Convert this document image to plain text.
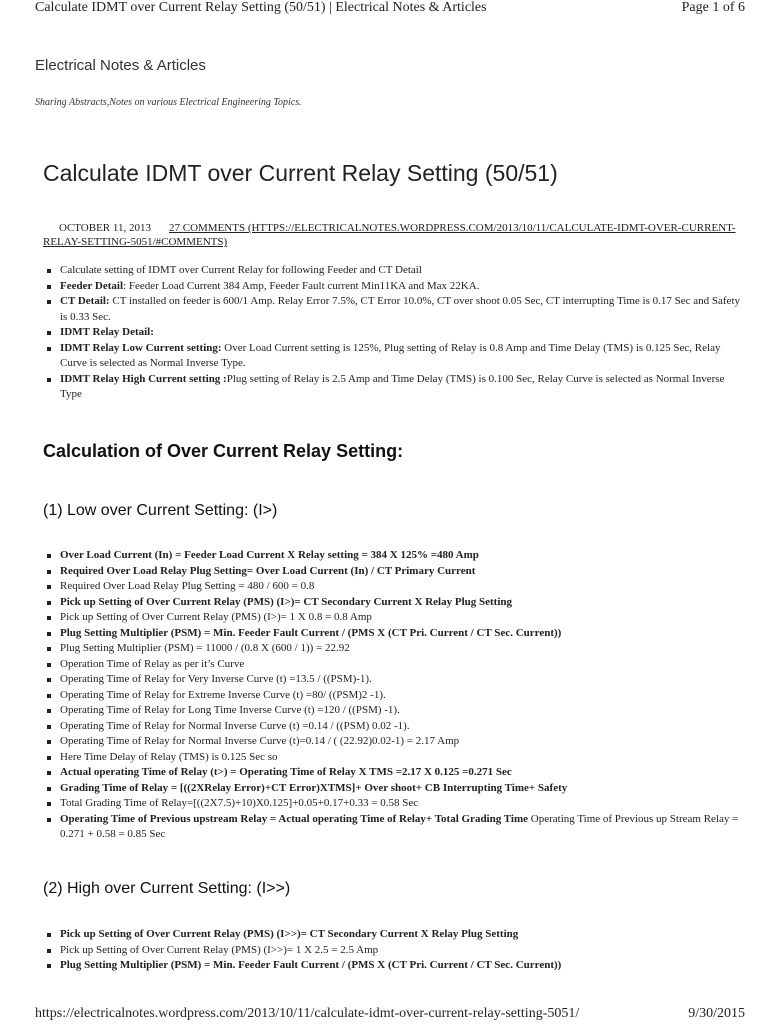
Calculate IDMT over Current Relay Setting (50/51) | Electrical Notes & Articles	Page 1 of 6
Electrical Notes & Articles
Sharing Abstracts,Notes on various Electrical Engineering Topics.
Calculate IDMT over Current Relay Setting (50/51)
OCTOBER 11, 2013 27 COMMENTS (HTTPS://ELECTRICALNOTES.WORDPRESS.COM/2013/10/11/CALCULATE-IDMT-OVER-CURRENT-RELAY-SETTING-5051/#COMMENTS)
Calculate setting of IDMT over Current Relay for following Feeder and CT Detail
Feeder Detail: Feeder Load Current 384 Amp, Feeder Fault current Min11KA and Max 22KA.
CT Detail: CT installed on feeder is 600/1 Amp. Relay Error 7.5%, CT Error 10.0%, CT over shoot 0.05 Sec, CT interrupting Time is 0.17 Sec and Safety is 0.33 Sec.
IDMT Relay Detail:
IDMT Relay Low Current setting: Over Load Current setting is 125%, Plug setting of Relay is 0.8 Amp and Time Delay (TMS) is 0.125 Sec, Relay Curve is selected as Normal Inverse Type.
IDMT Relay High Current setting :Plug setting of Relay is 2.5 Amp and Time Delay (TMS) is 0.100 Sec, Relay Curve is selected as Normal Inverse Type
Calculation of Over Current Relay Setting:
(1) Low over Current Setting: (I>)
Over Load Current (In) = Feeder Load Current X Relay setting = 384 X 125% =480 Amp
Required Over Load Relay Plug Setting= Over Load Current (In) / CT Primary Current
Required Over Load Relay Plug Setting = 480 / 600 = 0.8
Pick up Setting of Over Current Relay (PMS) (I>)= CT Secondary Current X Relay Plug Setting
Pick up Setting of Over Current Relay (PMS) (I>)= 1 X 0.8 = 0.8 Amp
Plug Setting Multiplier (PSM) = Min. Feeder Fault Current / (PMS X (CT Pri. Current / CT Sec. Current))
Plug Setting Multiplier (PSM) = 11000 / (0.8 X (600 / 1)) = 22.92
Operation Time of Relay as per it’s Curve
Operating Time of Relay for Very Inverse Curve (t) =13.5 / ((PSM)-1).
Operating Time of Relay for Extreme Inverse Curve (t) =80/ ((PSM)2 -1).
Operating Time of Relay for Long Time Inverse Curve (t) =120 / ((PSM) -1).
Operating Time of Relay for Normal Inverse Curve (t) =0.14 / ((PSM) 0.02 -1).
Operating Time of Relay for Normal Inverse Curve (t)=0.14 / ( (22.92)0.02-1) = 2.17 Amp
Here Time Delay of Relay (TMS) is 0.125 Sec so
Actual operating Time of Relay (t>) = Operating Time of Relay X TMS =2.17 X 0.125 =0.271 Sec
Grading Time of Relay = [((2XRelay Error)+CT Error)XTMS]+ Over shoot+ CB Interrupting Time+ Safety
Total Grading Time of Relay=[((2X7.5)+10)X0.125]+0.05+0.17+0.33 = 0.58 Sec
Operating Time of Previous upstream Relay = Actual operating Time of Relay+ Total Grading Time Operating Time of Previous up Stream Relay = 0.271 + 0.58 = 0.85 Sec
(2) High over Current Setting: (I>>)
Pick up Setting of Over Current Relay (PMS) (I>>)= CT Secondary Current X Relay Plug Setting
Pick up Setting of Over Current Relay (PMS) (I>>)= 1 X 2.5 = 2.5 Amp
Plug Setting Multiplier (PSM) = Min. Feeder Fault Current / (PMS X (CT Pri. Current / CT Sec. Current))
https://electricalnotes.wordpress.com/2013/10/11/calculate-idmt-over-current-relay-setting-5051/	9/30/2015
